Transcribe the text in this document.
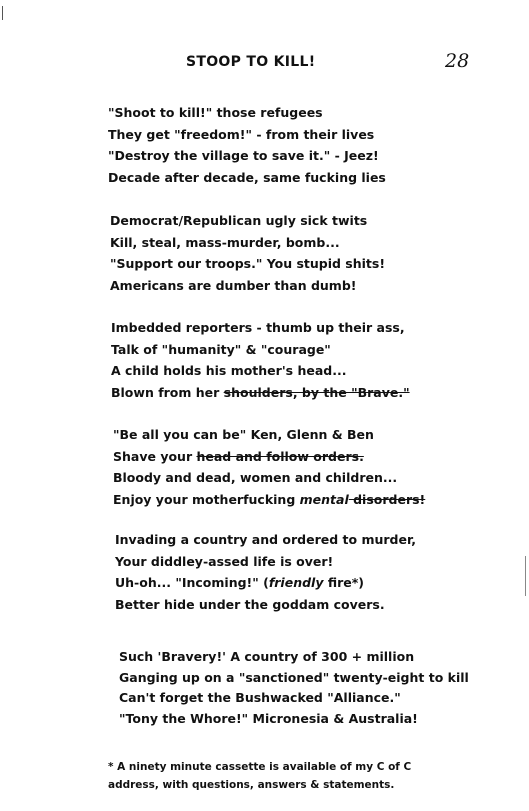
STOOP TO KILL!	28
"Shoot to kill!" those refugees
They get "freedom!" - from their lives
"Destroy the village to save it." - Jeez!
Decade after decade, same fucking lies
Democrat/Republican ugly sick twits
Kill, steal, mass-murder, bomb...
"Support our troops." You stupid shits!
Americans are dumber than dumb!
Imbedded reporters - thumb up their ass,
Talk of "humanity" & "courage"
A child holds his mother's head...
Blown from her shoulders, by the "Brave."
"Be all you can be" Ken, Glenn & Ben
Shave your head and follow orders.
Bloody and dead, women and children...
Enjoy your motherfucking mental disorders!
Invading a country and ordered to murder,
Your diddley-assed life is over!
Uh-oh... "Incoming!" (friendly fire*)
Better hide under the goddam covers.
Such 'Bravery!' A country of 300 + million
Ganging up on a "sanctioned" twenty-eight to kill
Can't forget the Bushwacked "Alliance."
"Tony the Whore!" Micronesia & Australia!
* A ninety minute cassette is available of my C of C
address, with questions, answers & statements.
